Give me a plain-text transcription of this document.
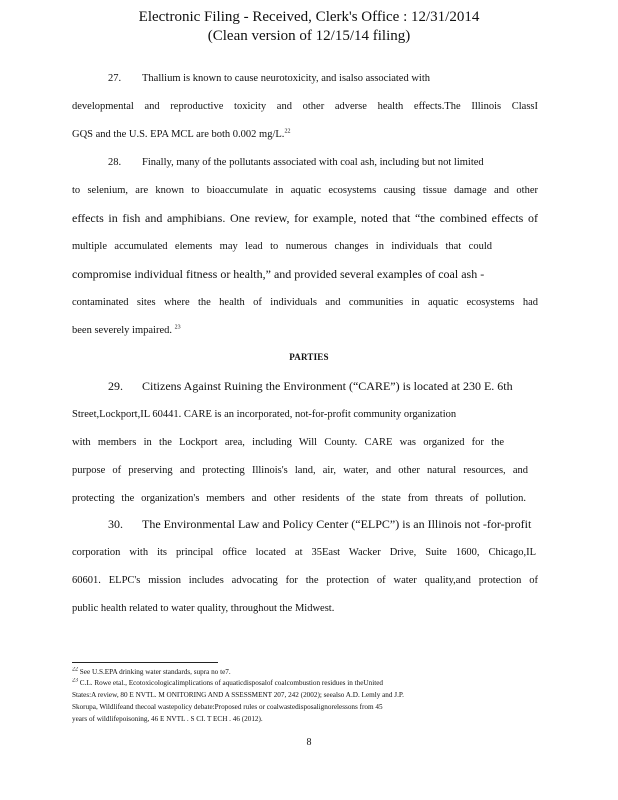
Electronic Filing - Received, Clerk's Office : 12/31/2014
(Clean version of 12/15/14 filing)
27. Thallium is known to cause neurotoxicity, and isalso associated with
developmental and reproductive toxicity and other adverse health effects.The Illinois ClassI
GQS and the U.S. EPA MCL are both 0.002 mg/L.$^{22}$
28. Finally, many of the pollutants associated with coal ash, including but not limited
to selenium, are known to bioaccumulate in aquatic ecosystems causing tissue damage and other
effects in fish and amphibians. One review, for example, noted that “the combined effects of
multiple accumulated elements may lead to numerous changes in individuals that could
compromise individual fitness or health,” and provided several examples of coal ash -
contaminated sites where the health of individuals and communities in aquatic ecosystems had
been severely impaired. $^{23}$
PARTIES
29. Citizens Against Ruining the Environment (“CARE”) is located at 230 E. 6th
Street,Lockport,IL 60441. CARE is an incorporated, not-for-profit community organization
with members in the Lockport area, including Will County. CARE was organized for the
purpose of preserving and protecting Illinois's land, air, water, and other natural resources, and
protecting the organization's members and other residents of the state from threats of pollution.
30. The Environmental Law and Policy Center (“ELPC”) is an Illinois not -for-profit
corporation with its principal office located at 35East Wacker Drive, Suite 1600, Chicago,IL
60601. ELPC's mission includes advocating for the protection of water quality,and protection of
public health related to water quality, throughout the Midwest.
$^{22}$ See U.S.EPA drinking water standards, supra no te7.
$^{23}$ C.L. Rowe etal., Ecotoxicologicalimplications of aquaticdisposalof coalcombustion residues in theUnited
States:A review, 80 E NVTL. M ONITORING AND A SSESSMENT 207, 242 (2002); seealso A.D. Lemly and J.P.
Skorupa, Wildlifeand thecoal wastepolicy debate:Proposed rules or coalwastedisposalignorelessons from 45
years of wildlifepoisoning, 46 E NVTL . S CI. T ECH . 46 (2012).
8
